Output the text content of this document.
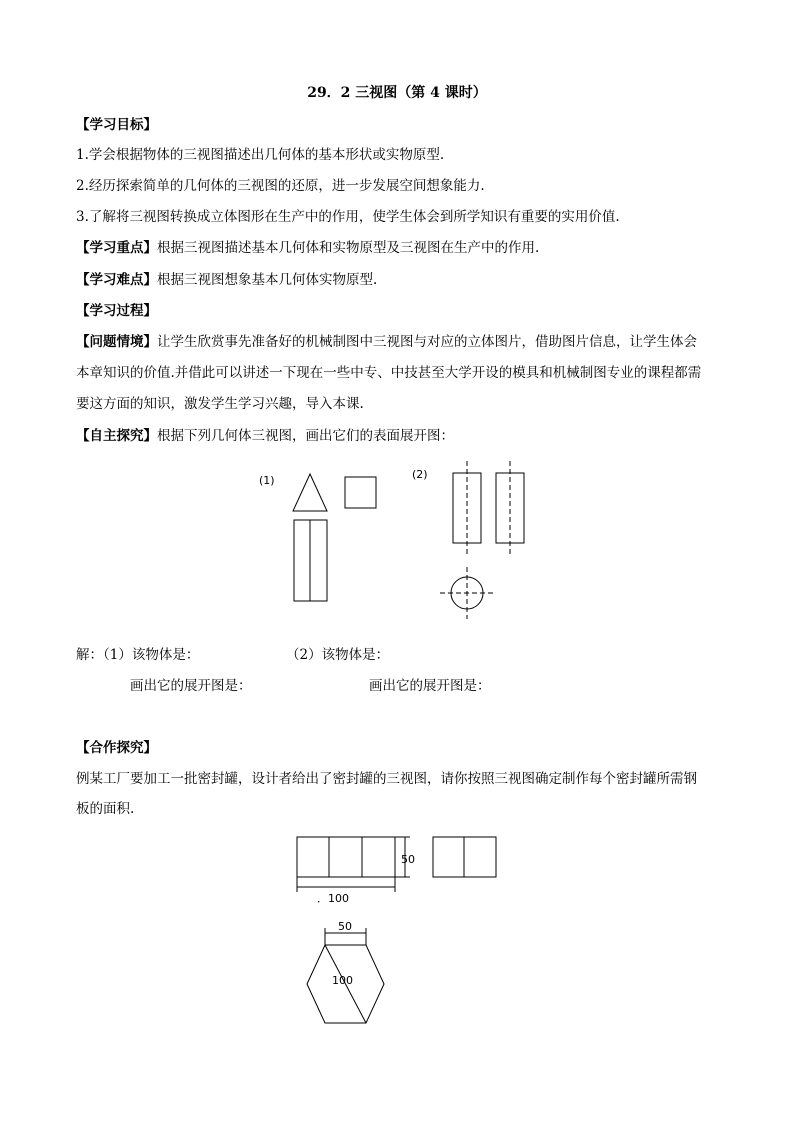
29．2 三视图（第 4 课时）
【学习目标】
1.学会根据物体的三视图描述出几何体的基本形状或实物原型.
2.经历探索简单的几何体的三视图的还原，进一步发展空间想象能力.
3.了解将三视图转换成立体图形在生产中的作用，使学生体会到所学知识有重要的实用价值.
【学习重点】根据三视图描述基本几何体和实物原型及三视图在生产中的作用.
【学习难点】根据三视图想象基本几何体实物原型.
【学习过程】
【问题情境】让学生欣赏事先准备好的机械制图中三视图与对应的立体图片，借助图片信息，让学生体会
本章知识的价值.并借此可以讲述一下现在一些中专、中技甚至大学开设的模具和机械制图专业的课程都需
要这方面的知识，激发学生学习兴趣，导入本课.
【自主探究】根据下列几何体三视图，画出它们的表面展开图：
(1)	(2)
50
．100
50
100
解：（1）该物体是：	（2）该物体是：
画出它的展开图是：	画出它的展开图是：
【合作探究】
例某工厂要加工一批密封罐，设计者给出了密封罐的三视图，请你按照三视图确定制作每个密封罐所需钢
板的面积.
